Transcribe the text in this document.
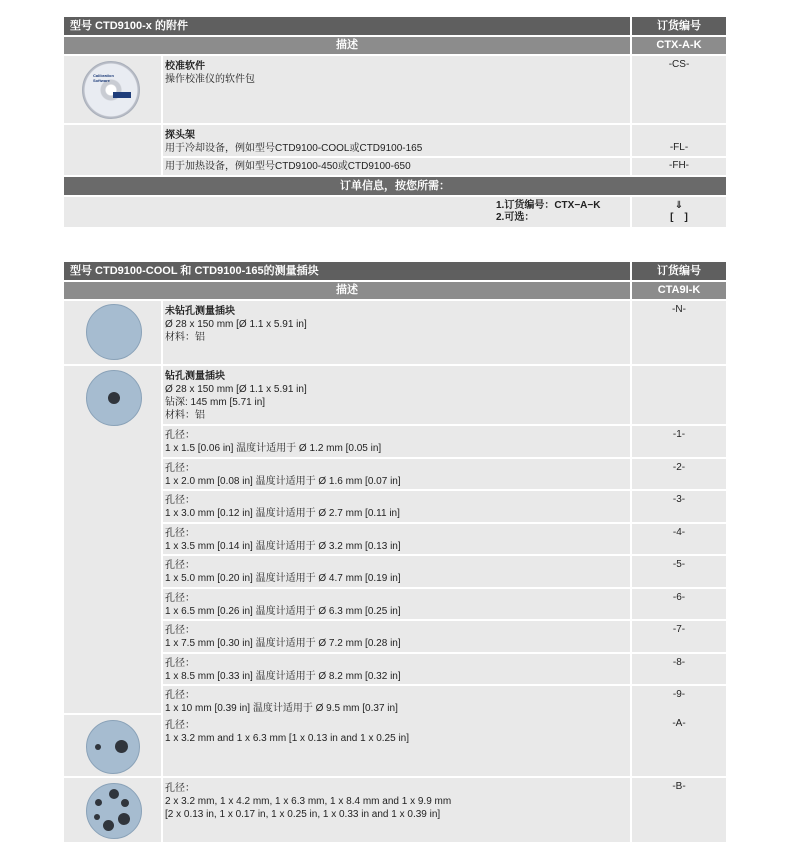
型号 CTD9100-x 的附件	订货编号
描述	CTX-A-K
Calibration
Software
校准软件
操作校准仪的软件包
-CS-
探头架
用于冷却设备，例如型号CTD9100-COOL或CTD9100-165	-FL-
用于加热设备，例如型号CTD9100-450或CTD9100-650	-FH-
订单信息，按您所需：
1.订货编号：CTX−A−K
2.可选：
⇓
[    ]
型号 CTD9100-COOL 和 CTD9100-165的测量插块	订货编号
描述	CTA9I-K
未钻孔测量插块
Ø 28 x 150 mm [Ø 1.1 x 5.91 in]
材料：铝
-N-
钻孔测量插块
Ø 28 x 150 mm [Ø 1.1 x 5.91 in]
钻深: 145 mm [5.71 in]
材料：铝
孔径：
1 x 1.5 [0.06 in] 温度计适用于 Ø 1.2 mm [0.05 in]
-1-
孔径：
1 x 2.0 mm [0.08 in] 温度计适用于 Ø 1.6 mm [0.07 in]
-2-
孔径：
1 x 3.0 mm [0.12 in] 温度计适用于 Ø 2.7 mm [0.11 in]
-3-
孔径：
1 x 3.5 mm [0.14 in] 温度计适用于 Ø 3.2 mm [0.13 in]
-4-
孔径：
1 x 5.0 mm [0.20 in] 温度计适用于 Ø 4.7 mm [0.19 in]
-5-
孔径：
1 x 6.5 mm [0.26 in] 温度计适用于 Ø 6.3 mm [0.25 in]
-6-
孔径：
1 x 7.5 mm [0.30 in] 温度计适用于 Ø 7.2 mm [0.28 in]
-7-
孔径：
1 x 8.5 mm [0.33 in] 温度计适用于 Ø 8.2 mm [0.32 in]
-8-
孔径：
1 x 10 mm [0.39 in] 温度计适用于 Ø 9.5 mm [0.37 in]
-9-
孔径：
1 x 3.2 mm and 1 x 6.3 mm [1 x 0.13 in and 1 x 0.25 in]
-A-
孔径：
2 x 3.2 mm, 1 x 4.2 mm, 1 x 6.3 mm, 1 x 8.4 mm and 1 x 9.9 mm
[2 x 0.13 in, 1 x 0.17 in, 1 x 0.25 in, 1 x 0.33 in and 1 x 0.39 in]
-B-
